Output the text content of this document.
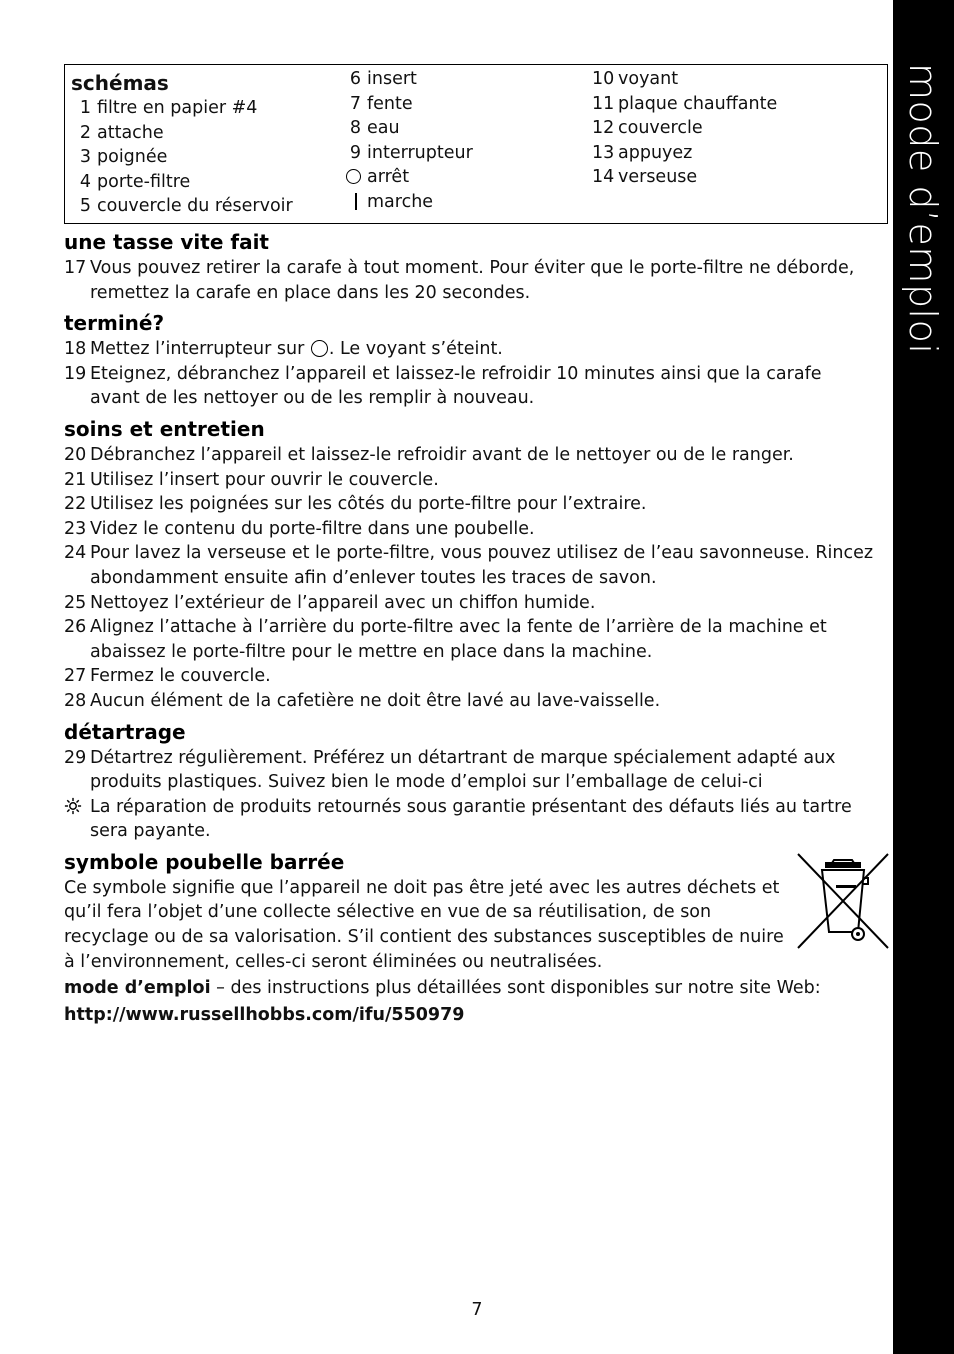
mode d’emploi
schémas
1 filtre en papier #4
2 attache
3 poignée
4 porte-filtre
5 couvercle du réservoir
6 insert
7 fente
8 eau
9 interrupteur
arrêt
marche
10 voyant
11 plaque chauffante
12 couvercle
13 appuyez
14 verseuse
une tasse vite fait
17 Vous pouvez retirer la carafe à tout moment. Pour éviter que le porte-filtre ne déborde, remettez la carafe en place dans les 20 secondes.
terminé?
18 Mettez l’interrupteur sur . Le voyant s’éteint.
19 Eteignez, débranchez l’appareil et laissez-le refroidir 10 minutes ainsi que la carafe avant de les nettoyer ou de les remplir à nouveau.
soins et entretien
20 Débranchez l’appareil et laissez-le refroidir avant de le nettoyer ou de le ranger.
21 Utilisez l’insert pour ouvrir le couvercle.
22 Utilisez les poignées sur les côtés du porte-filtre pour l’extraire.
23 Videz le contenu du porte-filtre dans une poubelle.
24 Pour lavez la verseuse et le porte-filtre, vous pouvez utilisez de l’eau savonneuse. Rincez abondamment ensuite afin d’enlever toutes les traces de savon.
25 Nettoyez l’extérieur de l’appareil avec un chiffon humide.
26 Alignez l’attache à l’arrière du porte-filtre avec la fente de l’arrière de la machine et abaissez le porte-filtre pour le mettre en place dans la machine.
27 Fermez le couvercle.
28 Aucun élément de la cafetière ne doit être lavé au lave-vaisselle.
détartrage
29 Détartrez régulièrement. Préférez un détartrant de marque spécialement adapté aux produits plastiques. Suivez bien le mode d’emploi sur l’emballage de celui-ci
La réparation de produits retournés sous garantie présentant des défauts liés au tartre sera payante.
symbole poubelle barrée
Ce symbole signifie que l’appareil ne doit pas être jeté avec les autres déchets et qu’il fera l’objet d’une collecte sélective en vue de sa réutilisation, de son recyclage ou de sa valorisation. S’il contient des substances susceptibles de nuire à l’environnement, celles-ci seront éliminées ou neutralisées.
mode d’emploi – des instructions plus détaillées sont disponibles sur notre site Web:
http://www.russellhobbs.com/ifu/550979
7
